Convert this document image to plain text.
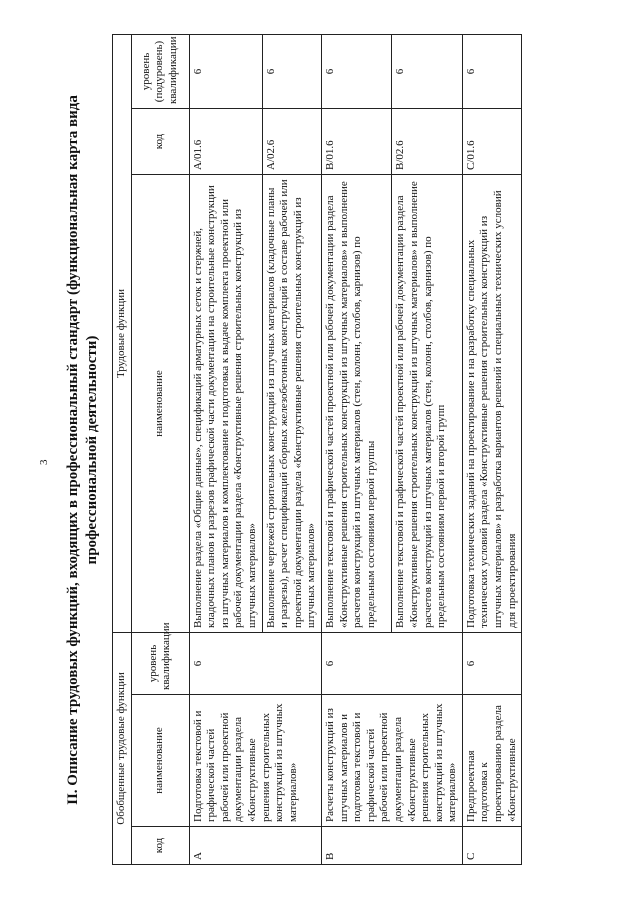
3 II. Описание трудовых функций, входящих в профессиональный стандарт (функциональная карта вида профессиональной деятельности)
Обобщенные трудовые функции			Трудовые функции		
код	наименование	уровень квалификации	наименование	код	уровень (подуровень) квалификации
A	Подготовка текстовой и графической частей рабочей или проектной документации раздела «Конструктивные решения строительных конструкций из штучных материалов»	6	Выполнение раздела «Общие данные», спецификаций арматурных сеток и стержней, кладочных планов и разрезов графической части документации на строительные конструкции из штучных материалов и комплектование и подготовка к выдаче комплекта проектной или рабочей документации раздела «Конструктивные решения строительных конструкций из штучных материалов»	A/01.6	6
			Выполнение чертежей строительных конструкций из штучных материалов (кладочные планы и разрезы), расчет спецификаций сборных железобетонных конструкций в составе рабочей или проектной документации раздела «Конструктивные решения строительных конструкций из штучных материалов»	A/02.6	6
B	Расчеты конструкций из штучных материалов и подготовка текстовой и графической частей рабочей или проектной документации раздела «Конструктивные решения строительных конструкций из штучных материалов»	6	Выполнение текстовой и графической частей проектной или рабочей документации раздела «Конструктивные решения строительных конструкций из штучных материалов» и выполнение расчетов конструкций из штучных материалов (стен, колонн, столбов, карнизов) по предельным состояниям первой группы	B/01.6	6
			Выполнение текстовой и графической частей проектной или рабочей документации раздела «Конструктивные решения строительных конструкций из штучных материалов» и выполнение расчетов конструкций из штучных материалов (стен, колонн, столбов, карнизов) по предельным состояниям первой и второй групп	B/02.6	6
C	Предпроектная подготовка к проектированию раздела «Конструктивные	6	Подготовка технических заданий на проектирование и на разработку специальных технических условий раздела «Конструктивные решения строительных конструкций из штучных материалов» и разработка вариантов решений и специальных технических условий для проектирования	C/01.6	6
